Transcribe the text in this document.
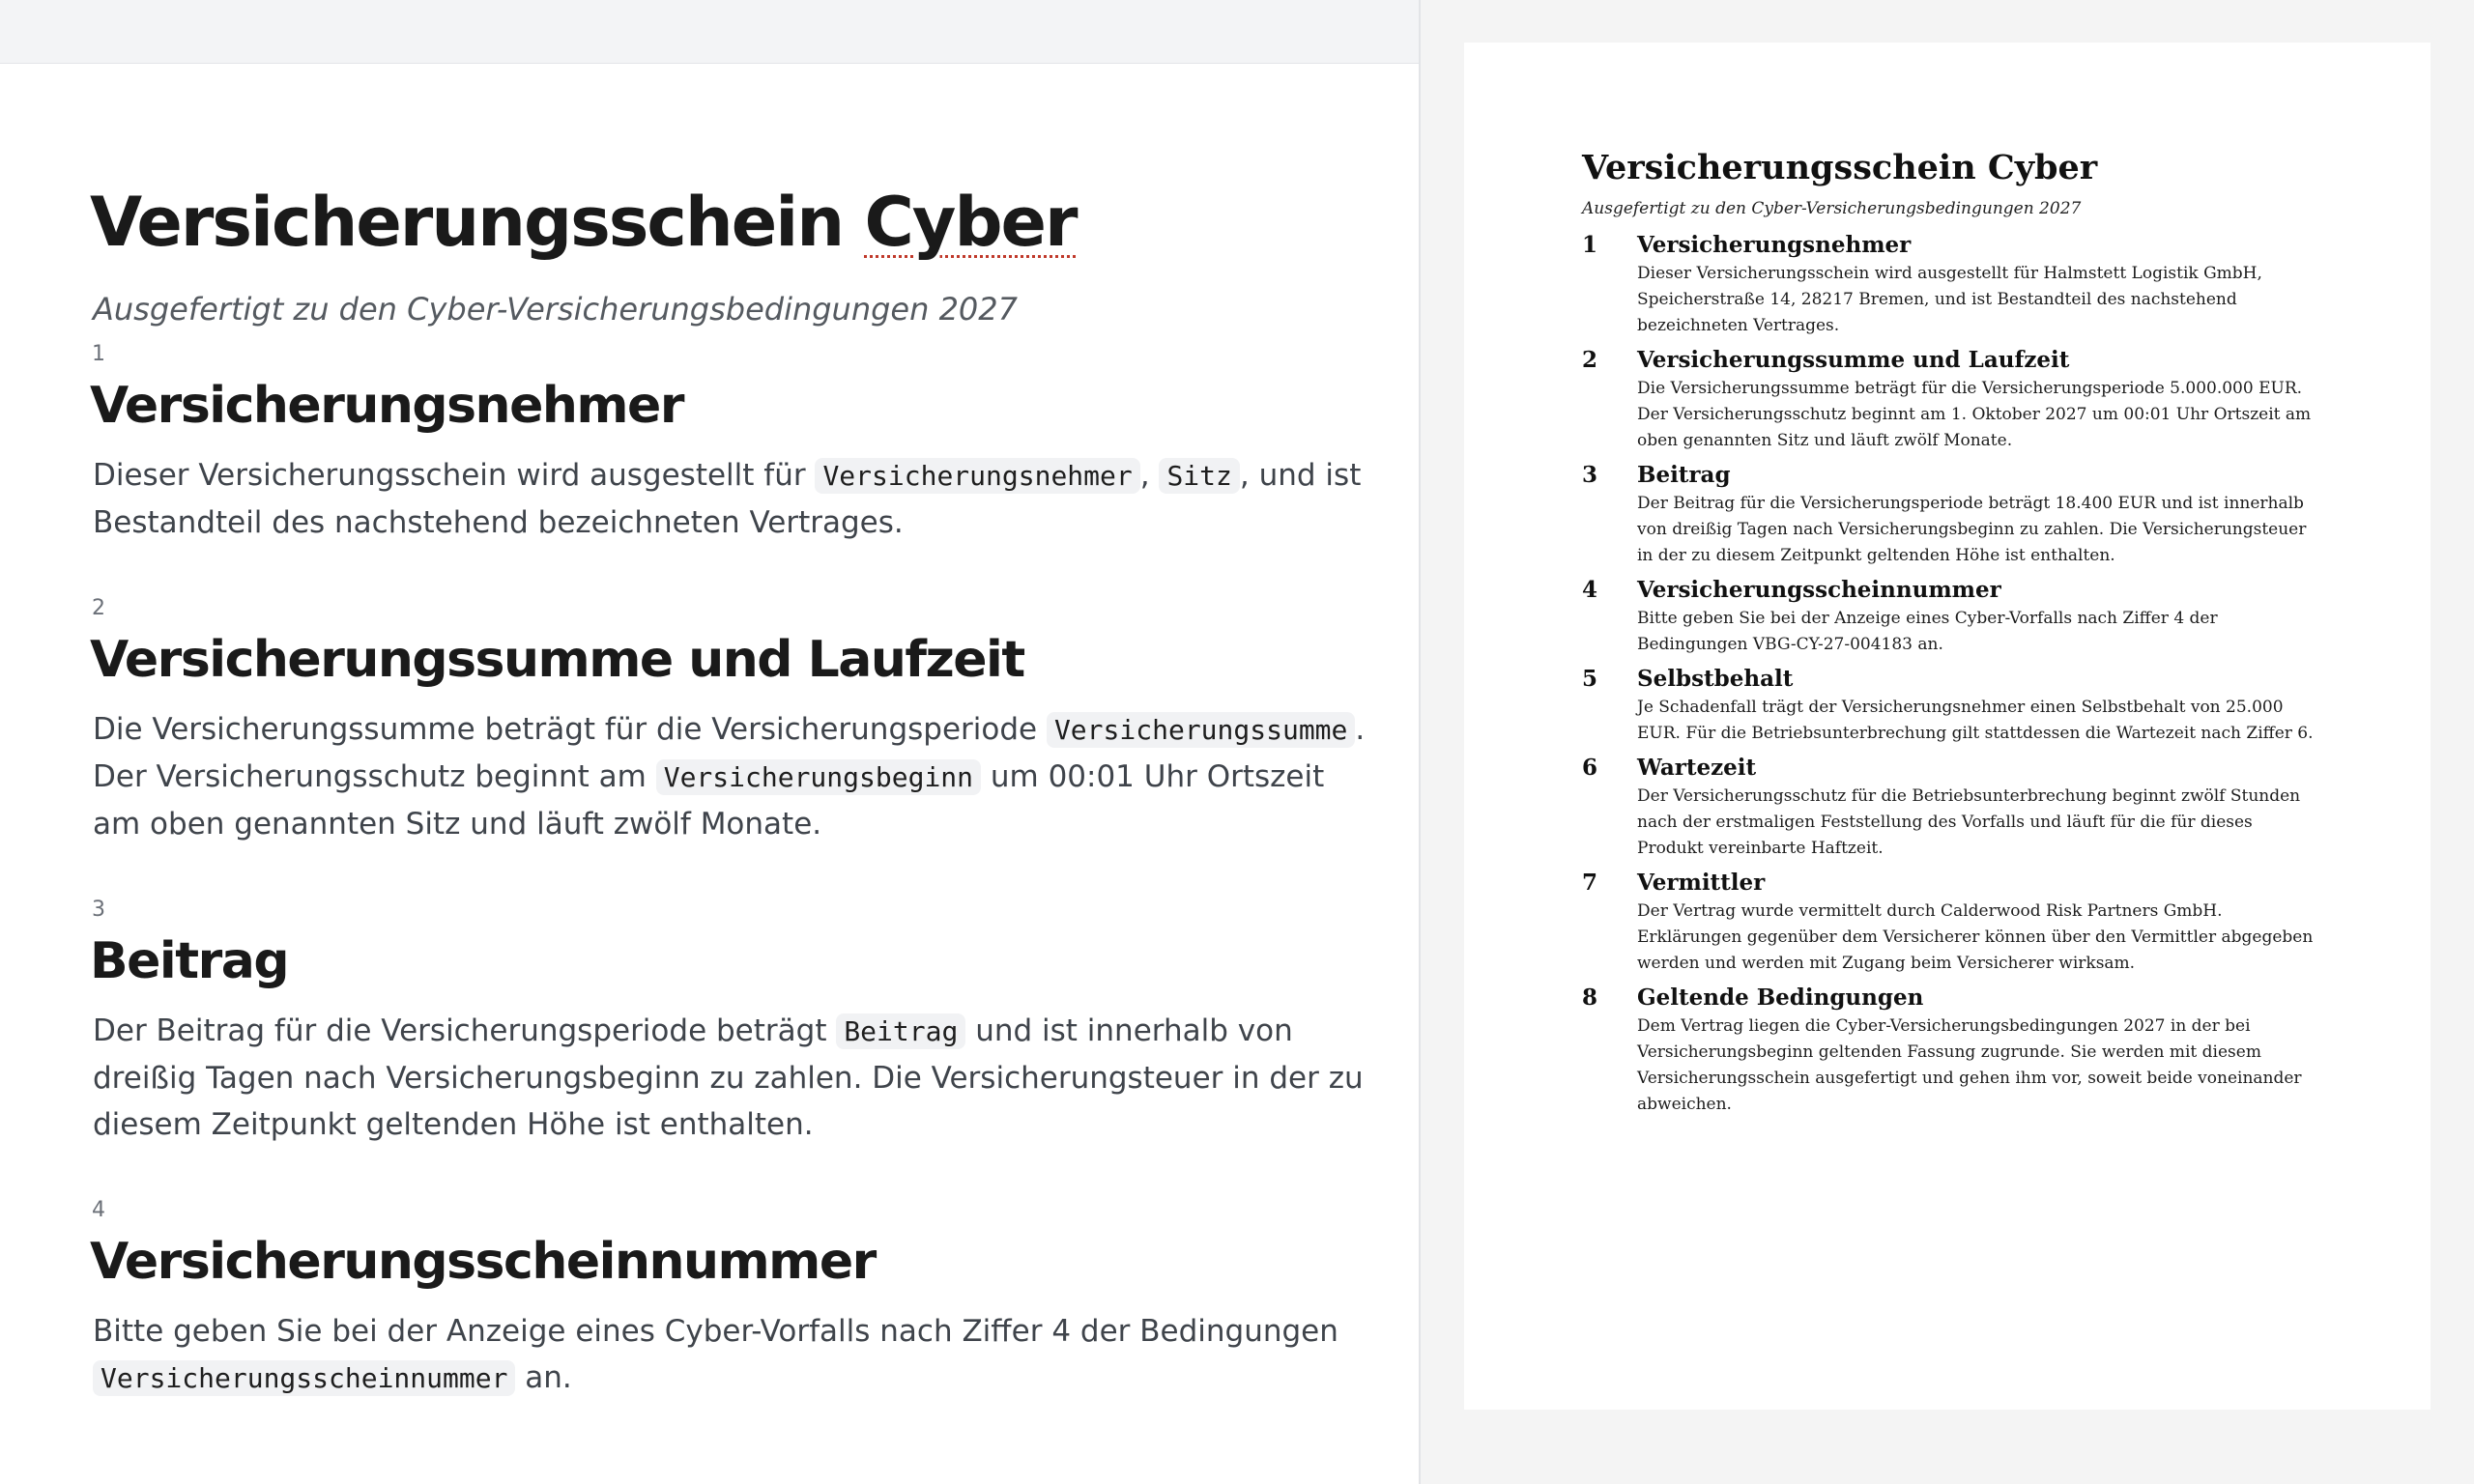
Versicherungsschein Cyber

Ausgefertigt zu den Cyber-Versicherungsbedingungen 2027

1
Versicherungsnehmer

Dieser Versicherungsschein wird ausgestellt für Versicherungsnehmer , Sitz , und ist Bestandteil des nachstehend bezeichneten Vertrages.

2
Versicherungssumme und Laufzeit

Die Versicherungssumme beträgt für die Versicherungsperiode Versicherungssumme . Der Versicherungsschutz beginnt am Versicherungsbeginn um 00:01 Uhr Ortszeit am oben genannten Sitz und läuft zwölf Monate.

3
Beitrag

Der Beitrag für die Versicherungsperiode beträgt Beitrag und ist innerhalb von dreißig Tagen nach Versicherungsbeginn zu zahlen. Die Versicherungsteuer in der zu diesem Zeitpunkt geltenden Höhe ist enthalten.

4
Versicherungsscheinnummer

Bitte geben Sie bei der Anzeige eines Cyber-Vorfalls nach Ziffer 4 der Bedingungen Versicherungsscheinnummer an.

Versicherungsschein Cyber

Ausgefertigt zu den Cyber-Versicherungsbedingungen 2027

1 Versicherungsnehmer

Dieser Versicherungsschein wird ausgestellt für Halmstett Logistik GmbH, Speicherstraße 14, 28217 Bremen, und ist Bestandteil des nachstehend bezeichneten Vertrages.

2 Versicherungssumme und Laufzeit

Die Versicherungssumme beträgt für die Versicherungsperiode 5.000.000 EUR. Der Versicherungsschutz beginnt am 1. Oktober 2027 um 00:01 Uhr Ortszeit am oben genannten Sitz und läuft zwölf Monate.

3 Beitrag

Der Beitrag für die Versicherungsperiode beträgt 18.400 EUR und ist innerhalb von dreißig Tagen nach Versicherungsbeginn zu zahlen. Die Versicherungsteuer in der zu diesem Zeitpunkt geltenden Höhe ist enthalten.

4 Versicherungsscheinnummer

Bitte geben Sie bei der Anzeige eines Cyber-Vorfalls nach Ziffer 4 der Bedingungen VBG-CY-27-004183 an.

5 Selbstbehalt

Je Schadenfall trägt der Versicherungsnehmer einen Selbstbehalt von 25.000 EUR. Für die Betriebsunterbrechung gilt stattdessen die Wartezeit nach Ziffer 6.

6 Wartezeit

Der Versicherungsschutz für die Betriebsunterbrechung beginnt zwölf Stunden nach der erstmaligen Feststellung des Vorfalls und läuft für die für dieses Produkt vereinbarte Haftzeit.

7 Vermittler

Der Vertrag wurde vermittelt durch Calderwood Risk Partners GmbH. Erklärungen gegenüber dem Versicherer können über den Vermittler abgegeben werden und werden mit Zugang beim Versicherer wirksam.

8 Geltende Bedingungen

Dem Vertrag liegen die Cyber-Versicherungsbedingungen 2027 in der bei Versicherungsbeginn geltenden Fassung zugrunde. Sie werden mit diesem Versicherungsschein ausgefertigt und gehen ihm vor, soweit beide voneinander abweichen.
